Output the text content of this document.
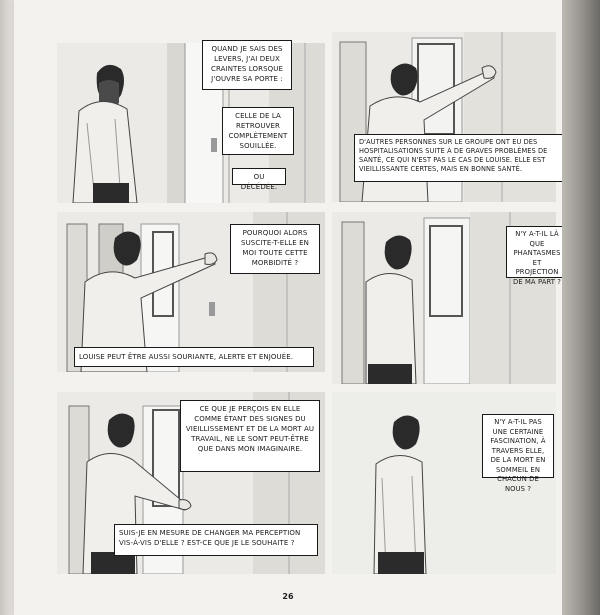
QUAND JE SAIS DES LEVERS, J'AI DEUX CRAINTES LORSQUE J'OUVRE SA PORTE :
CELLE DE LA RETROUVER COMPLÈTEMENT SOUILLÉE.
OU DÉCÉDÉE.
D'AUTRES PERSONNES SUR LE GROUPE ONT EU DES HOSPITALISATIONS SUITE À DE GRAVES PROBLÈMES DE SANTÉ, CE QUI N'EST PAS LE CAS DE LOUISE. ELLE EST VIEILLISSANTE CERTES, MAIS EN BONNE SANTÉ.
POURQUOI ALORS SUSCITE-T-ELLE EN MOI TOUTE CETTE MORBIDITÉ ?
LOUISE PEUT ÊTRE AUSSI SOURIANTE, ALERTE ET ENJOUÉE.
N'Y A-T-IL LÀ QUE PHANTASMES ET PROJECTION DE MA PART ?
CE QUE JE PERÇOIS EN ELLE COMME ÉTANT DES SIGNES DU VIEILLISSEMENT ET DE LA MORT AU TRAVAIL, NE LE SONT PEUT-ÊTRE QUE DANS MON IMAGINAIRE.
SUIS-JE EN MESURE DE CHANGER MA PERCEPTION VIS-À-VIS D'ELLE ? EST-CE QUE JE LE SOUHAITE ?
N'Y A-T-IL PAS UNE CERTAINE FASCINATION, À TRAVERS ELLE, DE LA MORT EN SOMMEIL EN CHACUN DE NOUS ?
26
